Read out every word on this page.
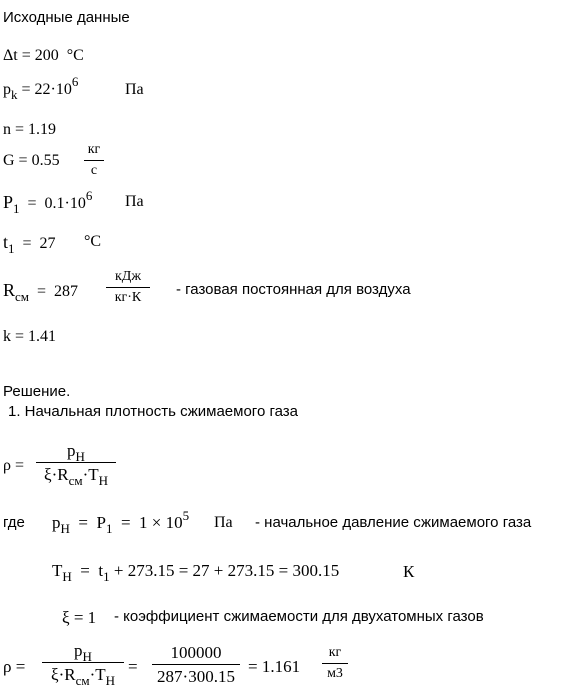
Исходные данные
Δt = 200 °C
$p_k = 22\cdot 10^6$	Па
n = 1.19
G = 0.55
кг
с
$P_1 = 0.1\cdot 10^6$ Па
$t_1 = 27$ °C
$R_{см} = 287$
кДж
кг·К	- газовая постоянная для воздуха
k = 1.41
Решение.
1. Начальная плотность сжимаемого газа
ρ =
$p_Н$
$\xi\cdot R_{см}\cdot T_Н$
где $p_Н = P_1 = 1 \times 10^5$ Па - начальное давление сжимаемого газа
$T_Н = t_1 + 273.15 = 27 + 273.15 = 300.15$	К
ξ = 1 - коэффициент сжимаемости для двухатомных газов
ρ =
$p_Н$
$\xi\cdot R_{см}\cdot T_Н$
= $\frac{100000}{287\cdot 300.15} = 1.161$
кг
м3
